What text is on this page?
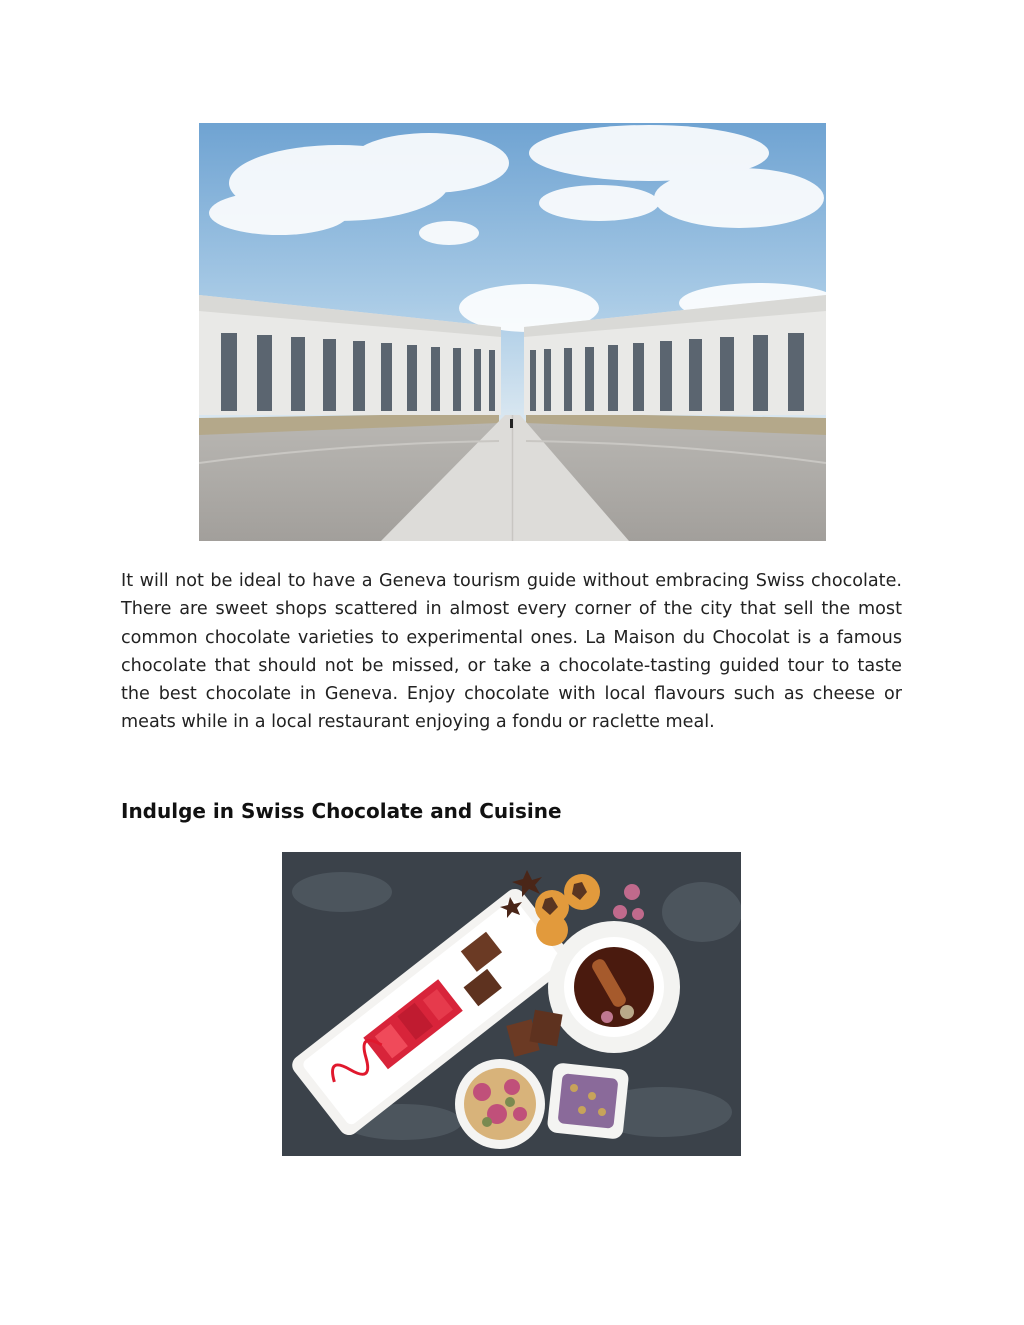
It will not be ideal to have a Geneva tourism guide without embracing Swiss chocolate. There are sweet shops scattered in almost every corner of the city that sell the most common chocolate varieties to experimental ones. La Maison du Chocolat is a famous chocolate that should not be missed, or take a chocolate-tasting guided tour to taste the best chocolate in Geneva. Enjoy chocolate with local flavours such as cheese or meats while in a local restaurant enjoying a fondu or raclette meal.

Indulge in Swiss Chocolate and Cuisine
